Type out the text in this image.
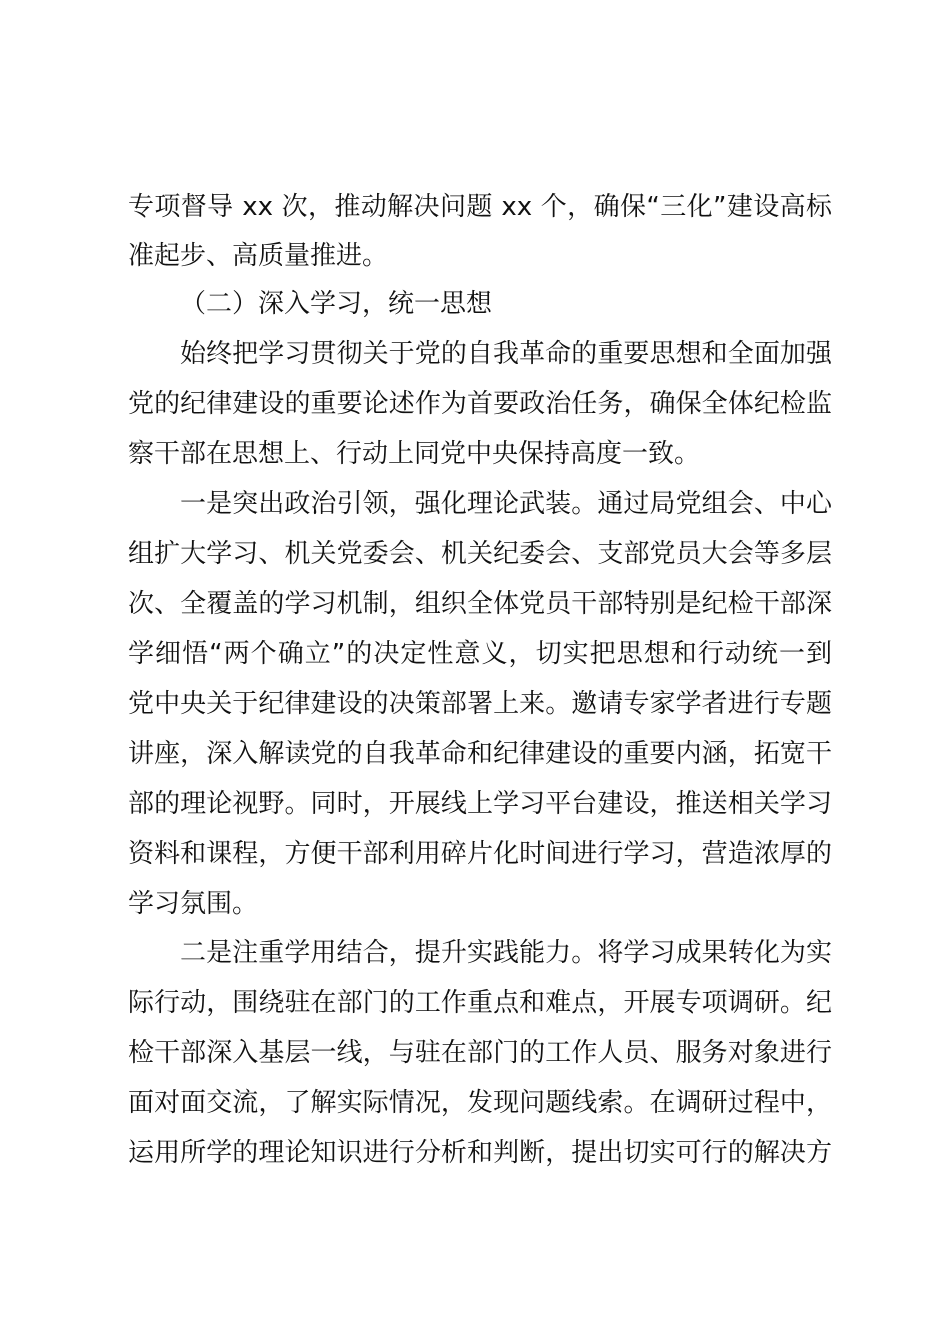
专项督导 xx 次，推动解决问题 xx 个，确保“三化”建设高标
准起步、高质量推进。
（二）深入学习，统一思想
始终把学习贯彻关于党的自我革命的重要思想和全面加强
党的纪律建设的重要论述作为首要政治任务，确保全体纪检监
察干部在思想上、行动上同党中央保持高度一致。
一是突出政治引领，强化理论武装。通过局党组会、中心
组扩大学习、机关党委会、机关纪委会、支部党员大会等多层
次、全覆盖的学习机制，组织全体党员干部特别是纪检干部深
学细悟“两个确立”的决定性意义，切实把思想和行动统一到
党中央关于纪律建设的决策部署上来。邀请专家学者进行专题
讲座，深入解读党的自我革命和纪律建设的重要内涵，拓宽干
部的理论视野。同时，开展线上学习平台建设，推送相关学习
资料和课程，方便干部利用碎片化时间进行学习，营造浓厚的
学习氛围。
二是注重学用结合，提升实践能力。将学习成果转化为实
际行动，围绕驻在部门的工作重点和难点，开展专项调研。纪
检干部深入基层一线，与驻在部门的工作人员、服务对象进行
面对面交流，了解实际情况，发现问题线索。在调研过程中，
运用所学的理论知识进行分析和判断，提出切实可行的解决方
